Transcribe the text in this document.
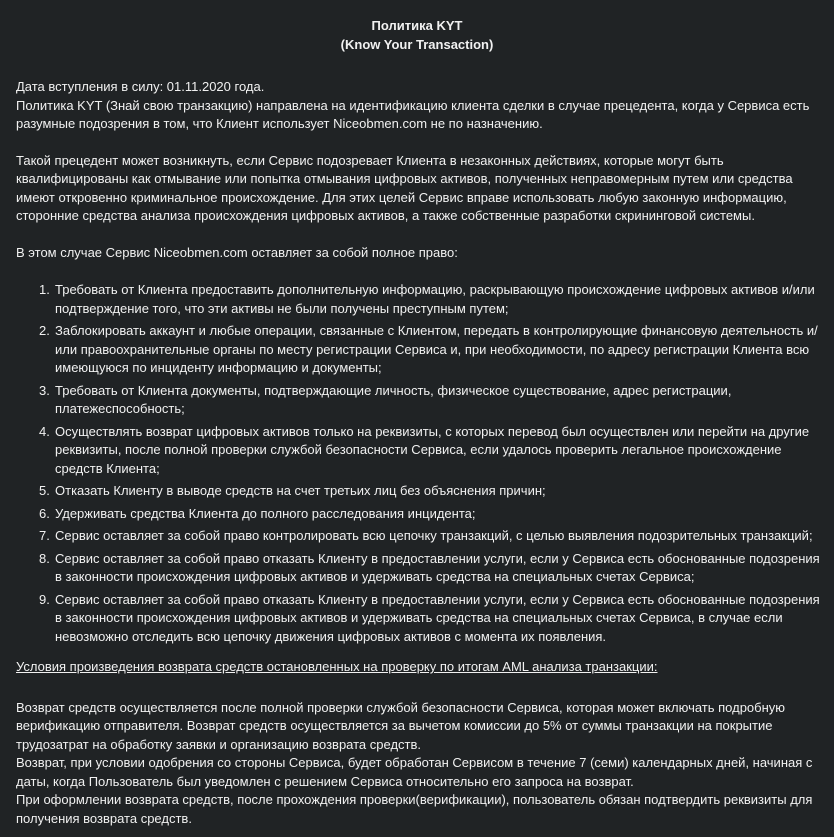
Политика KYT

(Know Your Transaction)

Дата вступления в силу: 01.11.2020 года.

Политика KYT (Знай свою транзакцию) направлена на идентификацию клиента сделки в случае прецедента, когда у Сервиса есть разумные подозрения в том, что Клиент использует Niceobmen.com не по назначению.

Такой прецедент может возникнуть, если Сервис подозревает Клиента в незаконных действиях, которые могут быть квалифицированы как отмывание или попытка отмывания цифровых активов, полученных неправомерным путем или средства имеют откровенно криминальное происхождение. Для этих целей Сервис вправе использовать любую законную информацию, сторонние средства анализа происхождения цифровых активов, а также собственные разработки скрининговой системы.

В этом случае Сервис Niceobmen.com оставляет за собой полное право:

1. Требовать от Клиента предоставить дополнительную информацию, раскрывающую происхождение цифровых активов и/или подтверждение того, что эти активы не были получены преступным путем;
2. Заблокировать аккаунт и любые операции, связанные с Клиентом, передать в контролирующие финансовую деятельность и/ или правоохранительные органы по месту регистрации Сервиса и, при необходимости, по адресу регистрации Клиента всю имеющуюся по инциденту информацию и документы;
3. Требовать от Клиента документы, подтверждающие личность, физическое существование, адрес регистрации, платежеспособность;
4. Осуществлять возврат цифровых активов только на реквизиты, с которых перевод был осуществлен или перейти на другие реквизиты, после полной проверки службой безопасности Сервиса, если удалось проверить легальное происхождение средств Клиента;
5. Отказать Клиенту в выводе средств на счет третьих лиц без объяснения причин;
6. Удерживать средства Клиента до полного расследования инцидента;
7. Сервис оставляет за собой право контролировать всю цепочку транзакций, с целью выявления подозрительных транзакций;
8. Сервис оставляет за собой право отказать Клиенту в предоставлении услуги, если у Сервиса есть обоснованные подозрения в законности происхождения цифровых активов и удерживать средства на специальных счетах Сервиса;
9. Сервис оставляет за собой право отказать Клиенту в предоставлении услуги, если у Сервиса есть обоснованные подозрения в законности происхождения цифровых активов и удерживать средства на специальных счетах Сервиса, в случае если невозможно отследить всю цепочку движения цифровых активов с момента их появления.

Условия произведения возврата средств остановленных на проверку по итогам AML анализа транзакции:

Возврат средств осуществляется после полной проверки службой безопасности Сервиса, которая может включать подробную верификацию отправителя. Возврат средств осуществляется за вычетом комиссии до 5% от суммы транзакции на покрытие трудозатрат на обработку заявки и организацию возврата средств.

Возврат, при условии одобрения со стороны Сервиса, будет обработан Сервисом в течение 7 (семи) календарных дней, начиная с даты, когда Пользователь был уведомлен с решением Сервиса относительно его запроса на возврат.

При оформлении возврата средств, после прохождения проверки(верификации), пользователь обязан подтвердить реквизиты для получения возврата средств.
